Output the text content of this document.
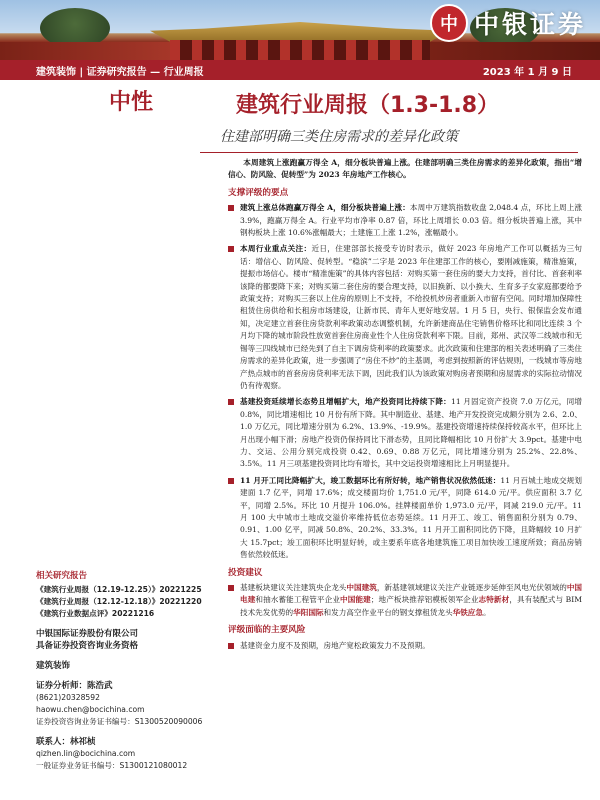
中 中银证券
建筑装饰 | 证券研究报告 — 行业周报	2023 年 1 月 9 日
中性	建筑行业周报（1.3-1.8）
住建部明确三类住房需求的差异化政策

本周建筑上涨跑赢万得全 A，细分板块普遍上涨。住建部明确三类住房需求的差异化政策，指出“增信心、防风险、促转型”为 2023 年房地产工作核心。

支撑评级的要点
建筑上涨总体跑赢万得全 A，细分板块普遍上涨：本周中万建筑指数收盘 2,048.4 点，环比上周上涨 3.9%，跑赢万得全 A。行业平均市净率 0.87 倍，环比上周增长 0.03 倍。细分板块普遍上涨，其中钢构板块上涨 10.6%涨幅最大；土建施工上涨 1.2%，涨幅最小。
本周行业重点关注：近日，住建部部长接受专访时表示，做好 2023 年房地产工作可以概括为三句话：增信心、防风险、促转型。“稳滨”二字是 2023 年住建部工作的核心，要刚减施策，精准施策，提振市场信心。楼市“精准施策”的具体内容包括：对购买第一套住房的要大力支持，首付比、首套利率该降的都要降下来；对购买第二套住房的要合理支持，以旧换新、以小换大、生育多子女家庭都要给予政策支持；对购买三套以上住房的原则上不支持，不给投机炒房者重新入市留有空间。同时增加保障性租赁住房供给和长租房市场建设，让新市民、青年人更好地安居。1 月 5 日，央行、银保监会发布通知，决定建立首套住房贷款利率政策动态调整机制，允许新建商品住宅销售价格环比和同比连续 3 个月均下降的城市阶段性放宽首套住房商业性个人住房贷款利率下限。目前，郑州、武汉等二线城市和无锡等三四线城市已经先到了自主下调房贷利率的政策要求。此次政策和住建部的相关表述明确了三类住房需求的差异化政策，进一步强调了“房住不炒”的主基调，考虑到按照新的评估规则，一线城市等房地产热点城市的首套房房贷利率无法下调，因此我们认为该政策对购房者预期和房屋需求的实际拉动情况仍有待观察。
基建投资延续增长态势且增幅扩大，地产投资同比持续下降：11 月固定资产投资 7.0 万亿元，同增 0.8%，同比增速相比 10 月份有所下降。其中制造业、基建、地产开发投资完成额分别为 2.6、2.0、1.0 万亿元，同比增速分别为 6.2%、13.9%、-19.9%。基建投资增速持续保持较高水平，但环比上月出现小幅下滑；房地产投资仍保持同比下滑态势，且同比降幅相比 10 月份扩大 3.9pct。基建中电力、交运、公用分别完成投资 0.42、0.69、0.88 万亿元，同比增速分别为 25.2%、22.8%、3.5%。11 月三项基建投资同比均有增长，其中交运投资增速相比上月明显提升。
11 月开工同比降幅扩大，竣工数据环比有所好转，地产销售状况依然低迷：11 月百城土地成交规划建面 1.7 亿平，同增 17.6%；成交楼面均价 1,751.0 元/平，同降 614.0 元/平。供应面积 3.7 亿平，同增 2.5%。环比 10 月提升 106.0%。挂牌楼面单价 1,973.0 元/平，同减 219.0 元/平。11 月 100 大中城市土地成交溢价率维持低位态势延续。11 月开工、竣工、销售面积分别为 0.79、0.91、1.00 亿平，同减 50.8%、20.2%、33.3%。11 月开工面积同比仍下降，且降幅较 10 月扩大 15.7pct；竣工面积环比明显好转，或主要系年底各地建筑施工项目加快竣工速度所致；商品房销售依然较低迷。
投资建议
基建板块建议关注建筑央企龙头中国建筑，新基建领域建议关注产业链逐步延伸至风电光伏领域的中国电建和抽水蓄能工程管平企业中国能建；地产板块推荐铝模板领军企业志特新材，具有装配式与 BIM 技术先发优势的华阳国际和发力高空作业平台的钢支撑租赁龙头华铁应急。
评级面临的主要风险
基建资金力度不及预期，房地产宽松政策发力不及预期。
相关研究报告
《建筑行业周报（12.19-12.25）》20221225
《建筑行业周报（12.12-12.18）》20221220
《建筑行业数据点评》20221216
中银国际证券股份有限公司
具备证券投资咨询业务资格
建筑装饰
证券分析师：陈浩武
(8621)20328592
haowu.chen@bocichina.com
证券投资咨询业务证书编号：S1300520090006
联系人：林祁桢
qizhen.lin@bocichina.com
一般证券业务证书编号：S1300121080012
